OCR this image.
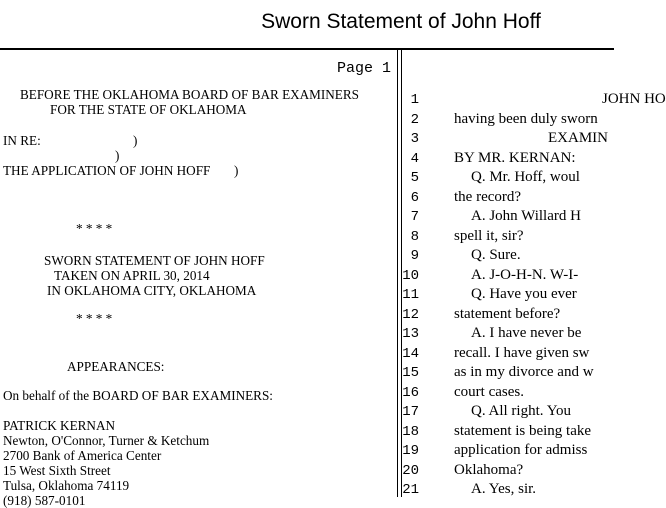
Sworn Statement of John Hoff
Page 1
BEFORE THE OKLAHOMA BOARD OF BAR EXAMINERS
FOR THE STATE OF OKLAHOMA
IN RE:	)
)
THE APPLICATION OF JOHN HOFF )
* * * *
SWORN STATEMENT OF JOHN HOFF
TAKEN ON APRIL 30, 2014
IN OKLAHOMA CITY, OKLAHOMA
* * * *
APPEARANCES:
On behalf of the BOARD OF BAR EXAMINERS:
PATRICK KERNAN
Newton, O'Connor, Turner & Ketchum
2700 Bank of America Center
15 West Sixth Street
Tulsa, Oklahoma 74119
(918) 587-0101
1	JOHN HO
2 having been duly sworn
3	EXAMIN
4 BY MR. KERNAN:
5	Q. Mr. Hoff, woul
6 the record?
7	A. John Willard H
8 spell it, sir?
9	Q. Sure.
10	A. J-O-H-N. W-I-
11	Q. Have you ever
12 statement before?
13	A. I have never be
14 recall. I have given sw
15 as in my divorce and w
16 court cases.
17	Q. All right. You
18 statement is being take
19 application for admiss
20 Oklahoma?
21	A. Yes, sir.
